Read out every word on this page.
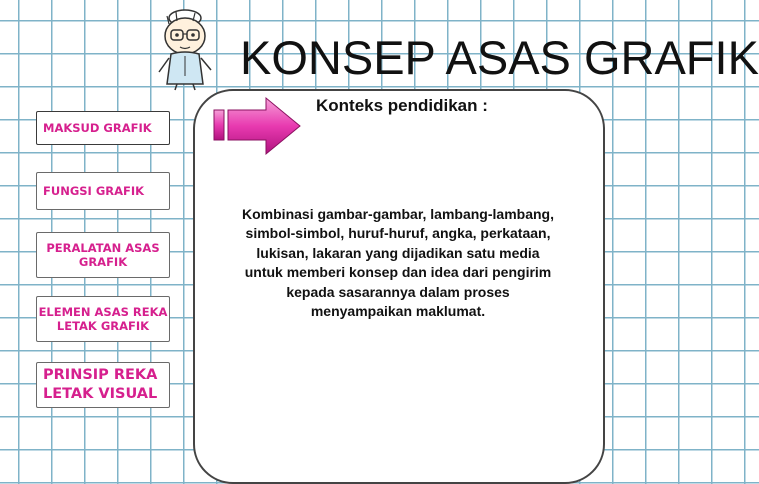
KONSEP ASAS GRAFIK
MAKSUD GRAFIK
FUNGSI GRAFIK
PERALATAN ASAS GRAFIK
ELEMEN ASAS REKA LETAK GRAFIK
PRINSIP REKA LETAK VISUAL
Konteks pendidikan :
Kombinasi gambar-gambar, lambang-lambang, simbol-simbol, huruf-huruf, angka, perkataan, lukisan, lakaran yang dijadikan satu media untuk memberi konsep dan idea dari pengirim kepada sasarannya dalam proses menyampaikan maklumat.
